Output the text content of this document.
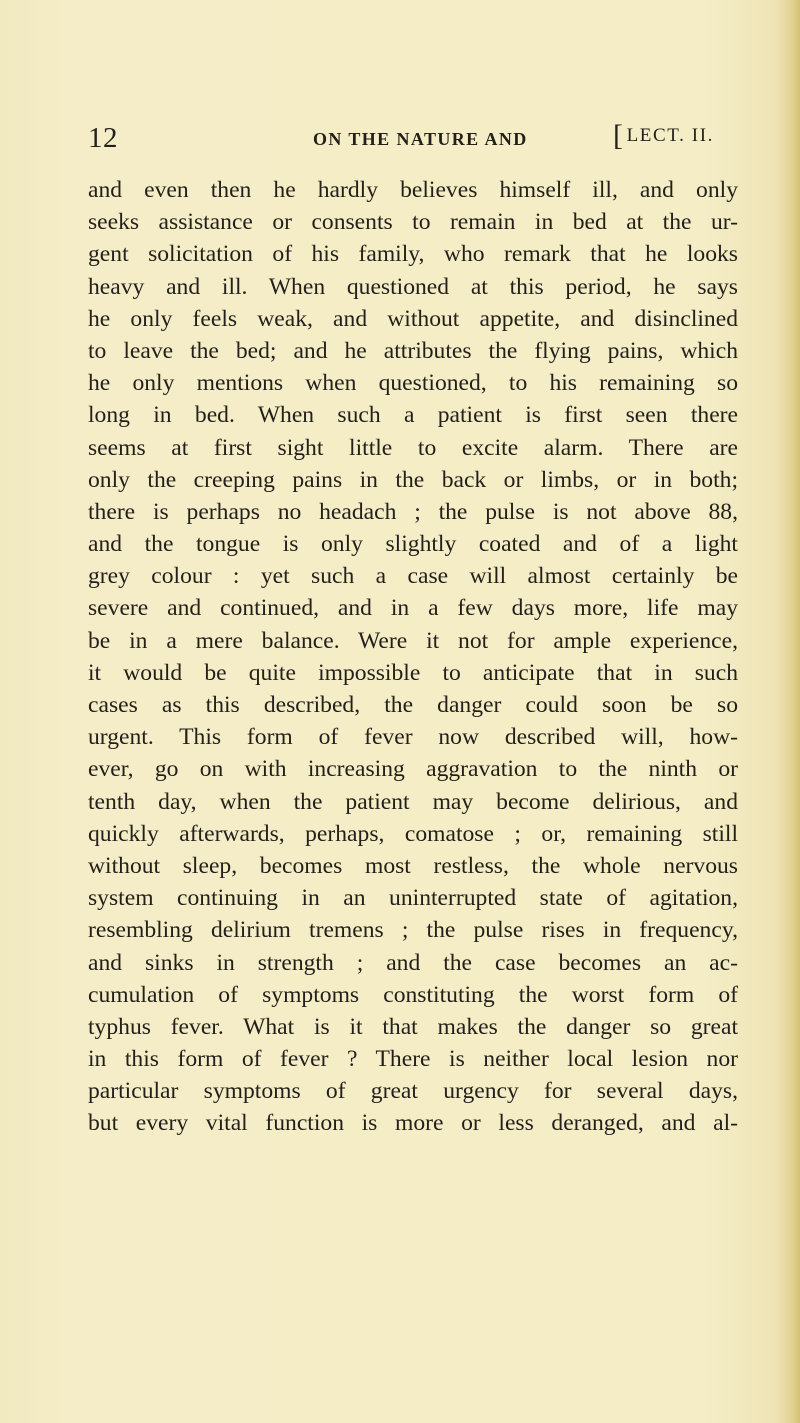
12	ON THE NATURE AND	[ LECT. II.
and even then he hardly believes himself ill, and only
seeks assistance or consents to remain in bed at the ur-
gent solicitation of his family, who remark that he looks
heavy and ill. When questioned at this period, he says
he only feels weak, and without appetite, and disinclined
to leave the bed; and he attributes the flying pains, which
he only mentions when questioned, to his remaining so
long in bed. When such a patient is first seen there
seems at first sight little to excite alarm. There are
only the creeping pains in the back or limbs, or in both;
there is perhaps no headach ; the pulse is not above 88,
and the tongue is only slightly coated and of a light
grey colour : yet such a case will almost certainly be
severe and continued, and in a few days more, life may
be in a mere balance. Were it not for ample experience,
it would be quite impossible to anticipate that in such
cases as this described, the danger could soon be so
urgent. This form of fever now described will, how-
ever, go on with increasing aggravation to the ninth or
tenth day, when the patient may become delirious, and
quickly afterwards, perhaps, comatose ; or, remaining still
without sleep, becomes most restless, the whole nervous
system continuing in an uninterrupted state of agitation,
resembling delirium tremens ; the pulse rises in frequency,
and sinks in strength ; and the case becomes an ac-
cumulation of symptoms constituting the worst form of
typhus fever. What is it that makes the danger so great
in this form of fever ? There is neither local lesion nor
particular symptoms of great urgency for several days,
but every vital function is more or less deranged, and al-
